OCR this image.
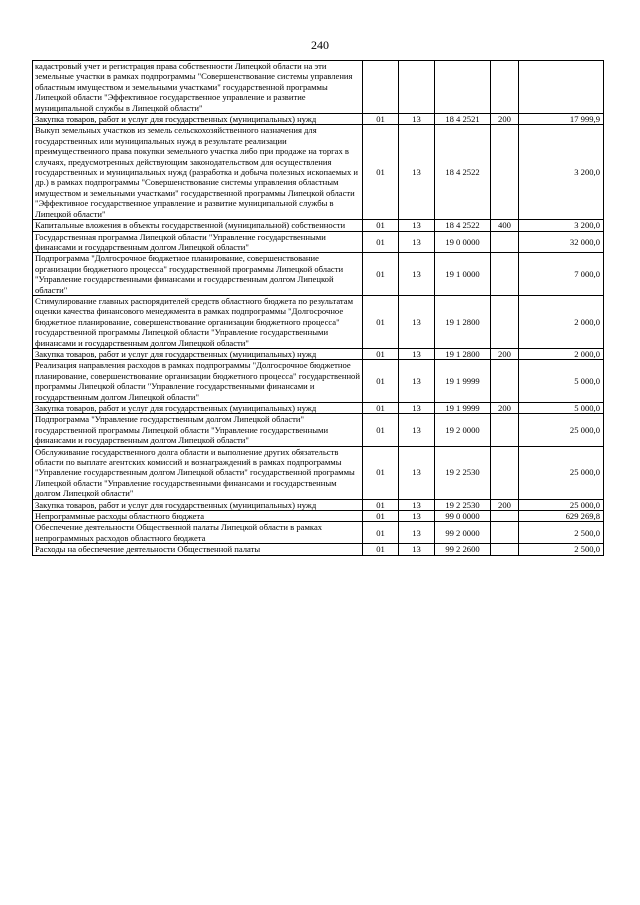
240
кадастровый учет и регистрация права собственности Липецкой области на эти земельные участки в рамках подпрограммы "Совершенствование системы управления областным имуществом и земельными участками" государственной программы Липецкой области "Эффективное государственное управление и развитие муниципальной службы в Липецкой области"					
Закупка товаров, работ и услуг для государственных (муниципальных) нужд	01	13	18 4 2521	200	17 999,9
Выкуп земельных участков из земель сельскохозяйственного назначения для государственных или муниципальных нужд в результате реализации преимущественного права покупки земельного участка либо при продаже на торгах в случаях, предусмотренных действующим законодательством для осуществления государственных и муниципальных нужд (разработка и добыча полезных ископаемых и др.) в рамках подпрограммы "Совершенствование системы управления областным имуществом и земельными участками" государственной программы Липецкой области "Эффективное государственное управление и развитие муниципальной службы в Липецкой области"	01	13	18 4 2522		3 200,0
Капитальные вложения в объекты государственной (муниципальной) собственности	01	13	18 4 2522	400	3 200,0
Государственная программа Липецкой области "Управление государственными финансами и государственным долгом Липецкой области"	01	13	19 0 0000		32 000,0
Подпрограмма "Долгосрочное бюджетное планирование, совершенствование организации бюджетного процесса" государственной программы Липецкой области "Управление государственными финансами и государственным долгом Липецкой области"	01	13	19 1 0000		7 000,0
Стимулирование главных распорядителей средств областного бюджета по результатам оценки качества финансового менеджмента в рамках подпрограммы "Долгосрочное бюджетное планирование, совершенствование организации бюджетного процесса" государственной программы Липецкой области "Управление государственными финансами и государственным долгом Липецкой области"	01	13	19 1 2800		2 000,0
Закупка товаров, работ и услуг для государственных (муниципальных) нужд	01	13	19 1 2800	200	2 000,0
Реализация направления расходов в рамках подпрограммы "Долгосрочное бюджетное планирование, совершенствование организации бюджетного процесса" государственной программы Липецкой области "Управление государственными финансами и государственным долгом Липецкой области"	01	13	19 1 9999		5 000,0
Закупка товаров, работ и услуг для государственных (муниципальных) нужд	01	13	19 1 9999	200	5 000,0
Подпрограмма "Управление государственным долгом Липецкой области" государственной программы Липецкой области "Управление государственными финансами и государственным долгом Липецкой области"	01	13	19 2 0000		25 000,0
Обслуживание государственного долга области и выполнение других обязательств области по выплате агентских комиссий и вознаграждений в рамках подпрограммы "Управление государственным долгом Липецкой области" государственной программы Липецкой области "Управление государственными финансами и государственным долгом Липецкой области"	01	13	19 2 2530		25 000,0
Закупка товаров, работ и услуг для государственных (муниципальных) нужд	01	13	19 2 2530	200	25 000,0
Непрограммные расходы областного бюджета	01	13	99 0 0000		629 269,8
Обеспечение деятельности Общественной палаты Липецкой области в рамках непрограммных расходов областного бюджета	01	13	99 2 0000		2 500,0
Расходы на обеспечение деятельности Общественной палаты	01	13	99 2 2600		2 500,0
